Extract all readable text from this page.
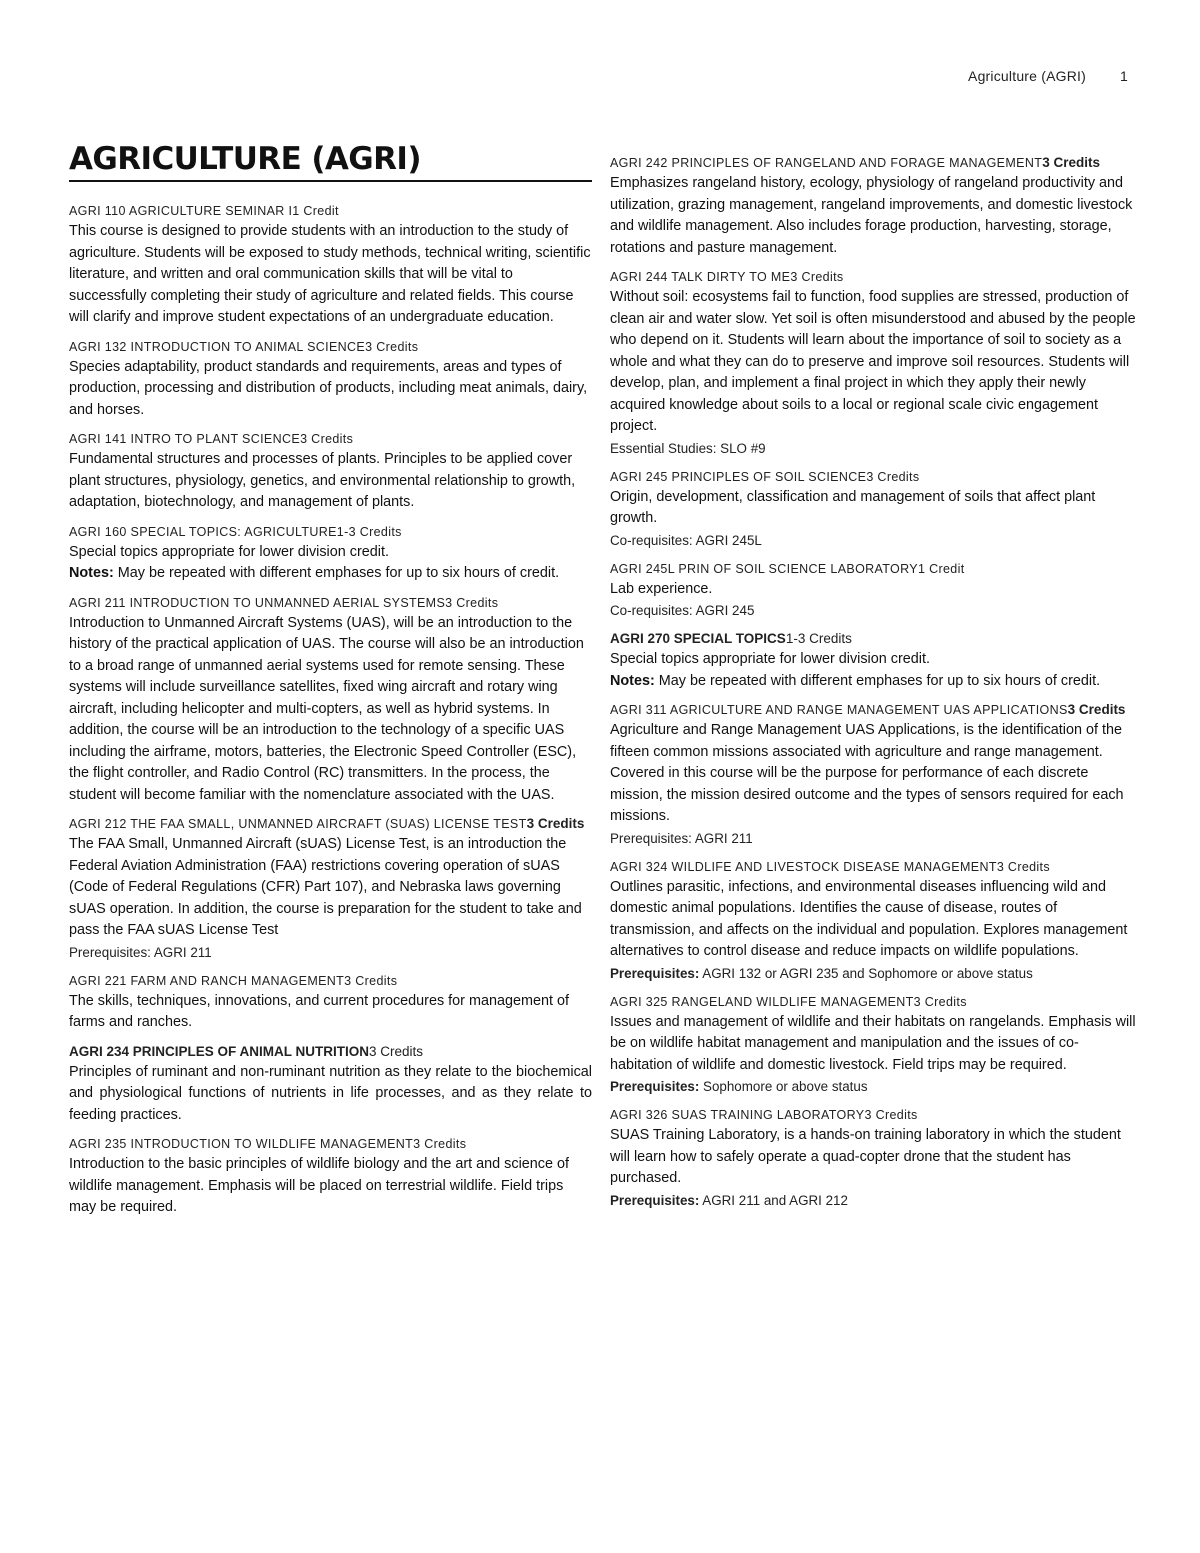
Agriculture (AGRI) 1
AGRICULTURE (AGRI)
AGRI 110 AGRICULTURE SEMINAR I1 Credit
This course is designed to provide students with an introduction to the study of agriculture. Students will be exposed to study methods, technical writing, scientific literature, and written and oral communication skills that will be vital to successfully completing their study of agriculture and related fields. This course will clarify and improve student expectations of an undergraduate education.
AGRI 132 INTRODUCTION TO ANIMAL SCIENCE3 Credits
Species adaptability, product standards and requirements, areas and types of production, processing and distribution of products, including meat animals, dairy, and horses.
AGRI 141 INTRO TO PLANT SCIENCE3 Credits
Fundamental structures and processes of plants. Principles to be applied cover plant structures, physiology, genetics, and environmental relationship to growth, adaptation, biotechnology, and management of plants.
AGRI 160 SPECIAL TOPICS: AGRICULTURE1-3 Credits
Special topics appropriate for lower division credit.
Notes: May be repeated with different emphases for up to six hours of credit.
AGRI 211 INTRODUCTION TO UNMANNED AERIAL SYSTEMS3 Credits
Introduction to Unmanned Aircraft Systems (UAS), will be an introduction to the history of the practical application of UAS. The course will also be an introduction to a broad range of unmanned aerial systems used for remote sensing. These systems will include surveillance satellites, fixed wing aircraft and rotary wing aircraft, including helicopter and multi-copters, as well as hybrid systems. In addition, the course will be an introduction to the technology of a specific UAS including the airframe, motors, batteries, the Electronic Speed Controller (ESC), the flight controller, and Radio Control (RC) transmitters. In the process, the student will become familiar with the nomenclature associated with the UAS.
AGRI 212 THE FAA SMALL, UNMANNED AIRCRAFT (SUAS) LICENSE TEST3 Credits
The FAA Small, Unmanned Aircraft (sUAS) License Test, is an introduction the Federal Aviation Administration (FAA) restrictions covering operation of sUAS (Code of Federal Regulations (CFR) Part 107), and Nebraska laws governing sUAS operation. In addition, the course is preparation for the student to take and pass the FAA sUAS License Test
Prerequisites: AGRI 211
AGRI 221 FARM AND RANCH MANAGEMENT3 Credits
The skills, techniques, innovations, and current procedures for management of farms and ranches.
AGRI 234 PRINCIPLES OF ANIMAL NUTRITION3 Credits
Principles of ruminant and non-ruminant nutrition as they relate to the biochemical and physiological functions of nutrients in life processes, and as they relate to feeding practices.
AGRI 235 INTRODUCTION TO WILDLIFE MANAGEMENT3 Credits
Introduction to the basic principles of wildlife biology and the art and science of wildlife management. Emphasis will be placed on terrestrial wildlife. Field trips may be required.
AGRI 242 PRINCIPLES OF RANGELAND AND FORAGE MANAGEMENT3 Credits
Emphasizes rangeland history, ecology, physiology of rangeland productivity and utilization, grazing management, rangeland improvements, and domestic livestock and wildlife management. Also includes forage production, harvesting, storage, rotations and pasture management.
AGRI 244 TALK DIRTY TO ME3 Credits
Without soil: ecosystems fail to function, food supplies are stressed, production of clean air and water slow. Yet soil is often misunderstood and abused by the people who depend on it. Students will learn about the importance of soil to society as a whole and what they can do to preserve and improve soil resources. Students will develop, plan, and implement a final project in which they apply their newly acquired knowledge about soils to a local or regional scale civic engagement project.
Essential Studies: SLO #9
AGRI 245 PRINCIPLES OF SOIL SCIENCE3 Credits
Origin, development, classification and management of soils that affect plant growth.
Co-requisites: AGRI 245L
AGRI 245L PRIN OF SOIL SCIENCE LABORATORY1 Credit
Lab experience.
Co-requisites: AGRI 245
AGRI 270 SPECIAL TOPICS1-3 Credits
Special topics appropriate for lower division credit.
Notes: May be repeated with different emphases for up to six hours of credit.
AGRI 311 AGRICULTURE AND RANGE MANAGEMENT UAS APPLICATIONS3 Credits
Agriculture and Range Management UAS Applications, is the identification of the fifteen common missions associated with agriculture and range management. Covered in this course will be the purpose for performance of each discrete mission, the mission desired outcome and the types of sensors required for each missions.
Prerequisites: AGRI 211
AGRI 324 WILDLIFE AND LIVESTOCK DISEASE MANAGEMENT3 Credits
Outlines parasitic, infections, and environmental diseases influencing wild and domestic animal populations. Identifies the cause of disease, routes of transmission, and affects on the individual and population. Explores management alternatives to control disease and reduce impacts on wildlife populations.
Prerequisites: AGRI 132 or AGRI 235 and Sophomore or above status
AGRI 325 RANGELAND WILDLIFE MANAGEMENT3 Credits
Issues and management of wildlife and their habitats on rangelands. Emphasis will be on wildlife habitat management and manipulation and the issues of co-habitation of wildlife and domestic livestock. Field trips may be required.
Prerequisites: Sophomore or above status
AGRI 326 SUAS TRAINING LABORATORY3 Credits
SUAS Training Laboratory, is a hands-on training laboratory in which the student will learn how to safely operate a quad-copter drone that the student has purchased.
Prerequisites: AGRI 211 and AGRI 212
